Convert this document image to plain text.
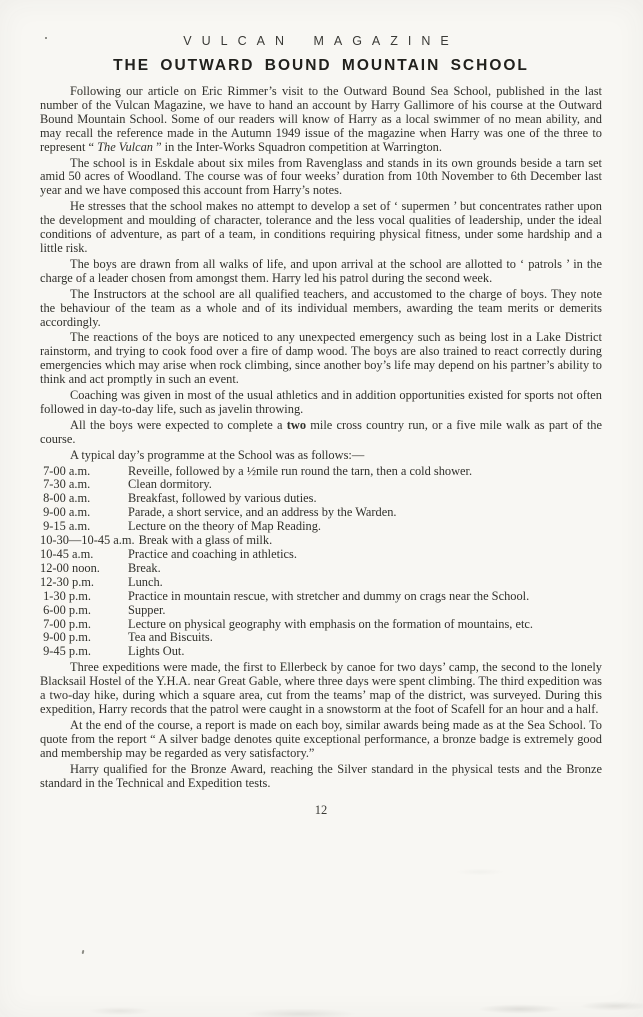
VULCAN MAGAZINE
THE OUTWARD BOUND MOUNTAIN SCHOOL

Following our article on Eric Rimmer’s visit to the Outward Bound Sea School, published in the last number of the Vulcan Magazine, we have to hand an account by Harry Gallimore of his course at the Outward Bound Mountain School. Some of our readers will know of Harry as a local swimmer of no mean ability, and may recall the reference made in the Autumn 1949 issue of the magazine when Harry was one of the three to represent “ The Vulcan ” in the Inter-Works Squadron competition at Warrington.

The school is in Eskdale about six miles from Ravenglass and stands in its own grounds beside a tarn set amid 50 acres of Woodland. The course was of four weeks’ duration from 10th November to 6th December last year and we have composed this account from Harry’s notes.

He stresses that the school makes no attempt to develop a set of ‘ supermen ’ but concentrates rather upon the development and moulding of character, tolerance and the less vocal qualities of leadership, under the ideal conditions of adventure, as part of a team, in conditions requiring physical fitness, under some hardship and a little risk.

The boys are drawn from all walks of life, and upon arrival at the school are allotted to ‘ patrols ’ in the charge of a leader chosen from amongst them. Harry led his patrol during the second week.

The Instructors at the school are all qualified teachers, and accustomed to the charge of boys. They note the behaviour of the team as a whole and of its individual members, awarding the team merits or demerits accordingly.

The reactions of the boys are noticed to any unexpected emergency such as being lost in a Lake District rainstorm, and trying to cook food over a fire of damp wood. The boys are also trained to react correctly during emergencies which may arise when rock climbing, since another boy’s life may depend on his partner’s ability to think and act promptly in such an event.

Coaching was given in most of the usual athletics and in addition opportunities existed for sports not often followed in day-to-day life, such as javelin throwing.

All the boys were expected to complete a two mile cross country run, or a five mile walk as part of the course.

A typical day’s programme at the School was as follows:—

7-00 a.m.	Reveille, followed by a ½mile run round the tarn, then a cold shower.
7-30 a.m.	Clean dormitory.
8-00 a.m.	Breakfast, followed by various duties.
9-00 a.m.	Parade, a short service, and an address by the Warden.
9-15 a.m.	Lecture on the theory of Map Reading.
10-30—10-45 a.m. Break with a glass of milk.
10-45 a.m.	Practice and coaching in athletics.
12-00 noon.	Break.
12-30 p.m.	Lunch.
1-30 p.m.	Practice in mountain rescue, with stretcher and dummy on crags near the School.
6-00 p.m.	Supper.
7-00 p.m.	Lecture on physical geography with emphasis on the formation of mountains, etc.
9-00 p.m.	Tea and Biscuits.
9-45 p.m.	Lights Out.

Three expeditions were made, the first to Ellerbeck by canoe for two days’ camp, the second to the lonely Blacksail Hostel of the Y.H.A. near Great Gable, where three days were spent climbing. The third expedition was a two-day hike, during which a square area, cut from the teams’ map of the district, was surveyed. During this expedition, Harry records that the patrol were caught in a snowstorm at the foot of Scafell for an hour and a half.

At the end of the course, a report is made on each boy, similar awards being made as at the Sea School. To quote from the report “ A silver badge denotes quite exceptional performance, a bronze badge is extremely good and membership may be regarded as very satisfactory.”

Harry qualified for the Bronze Award, reaching the Silver standard in the physical tests and the Bronze standard in the Technical and Expedition tests.

12
